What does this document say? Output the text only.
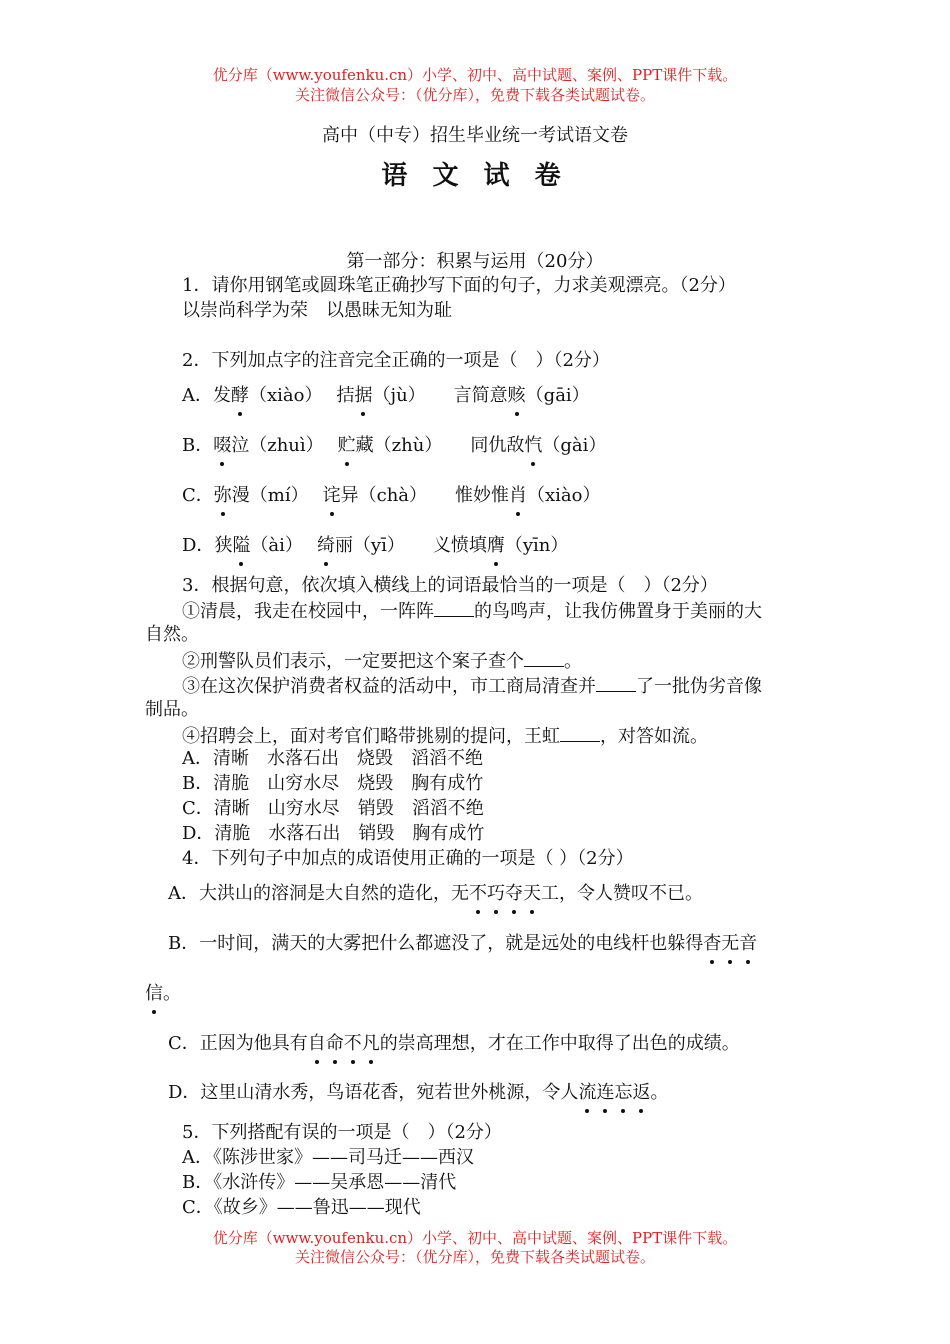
优分库（www.youfenku.cn）小学、初中、高中试题、案例、PPT课件下载。
关注微信公众号：（优分库），免费下载各类试题试卷。
高中（中专）招生毕业统一考试语文卷
语 文 试 卷
第一部分：积累与运用（20分）
1．请你用钢笔或圆珠笔正确抄写下面的句子，力求美观漂亮。（2分）
以崇尚科学为荣　以愚昧无知为耻
2．下列加点字的注音完全正确的一项是（　）（2分）
A．发酵（xiào） 拮据（jù） 言简意赅（gāi）
B．啜泣（zhuì） 贮藏（zhù） 同仇敌忾（gài）
C．弥漫（mí） 诧异（chà） 惟妙惟肖（xiào）
D．狭隘（ài） 绮丽（yī） 义愤填膺（yīn）
3．根据句意，依次填入横线上的词语最恰当的一项是（　）（2分）
①清晨，我走在校园中，一阵阵 的鸟鸣声，让我仿佛置身于美丽的大
自然。
②刑警队员们表示，一定要把这个案子查个 。
③在这次保护消费者权益的活动中，市工商局清查并 了一批伪劣音像
制品。
④招聘会上，面对考官们略带挑剔的提问，王虹 ，对答如流。
A．清晰　水落石出　烧毁　滔滔不绝
B．清脆　山穷水尽　烧毁　胸有成竹
C．清晰　山穷水尽　销毁　滔滔不绝
D．清脆　水落石出　销毁　胸有成竹
4．下列句子中加点的成语使用正确的一项是（ ）（2分）
A．大洪山的溶洞是大自然的造化，无不巧夺天工，令人赞叹不已。
B．一时间，满天的大雾把什么都遮没了，就是远处的电线杆也躲得杳无音
信。
C．正因为他具有自命不凡的崇高理想，才在工作中取得了出色的成绩。
D．这里山清水秀，鸟语花香，宛若世外桃源，令人流连忘返。
5．下列搭配有误的一项是（　）（2分）
A．《陈涉世家》——司马迁——西汉
B．《水浒传》——吴承恩——清代
C．《故乡》——鲁迅——现代
优分库（www.youfenku.cn）小学、初中、高中试题、案例、PPT课件下载。
关注微信公众号：（优分库），免费下载各类试题试卷。
